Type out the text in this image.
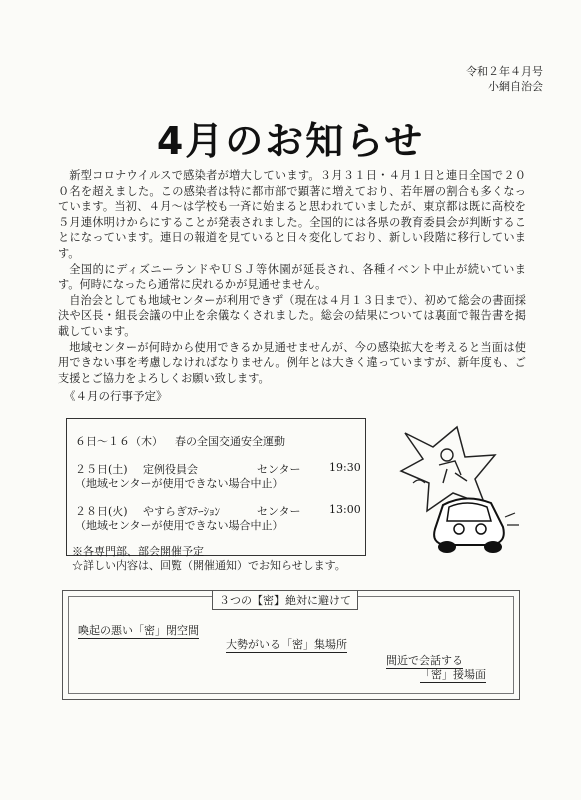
令和２年４月号
小網自治会
4月のお知らせ

新型コロナウイルスで感染者が増大しています。３月３１日・４月１日と連日全国で２００名を超えました。この感染者は特に都市部で顕著に増えており、若年層の割合も多くなっています。当初、４月～は学校も一斉に始まると思われていましたが、東京都は既に高校を５月連休明けからにすることが発表されました。全国的には各県の教育委員会が判断することになっています。連日の報道を見ていると日々変化しており、新しい段階に移行しています。

全国的にディズニーランドやＵＳＪ等休園が延長され、各種イベント中止が続いています。何時になったら通常に戻れるかが見通せません。

自治会としても地域センターが利用できず（現在は４月１３日まで）、初めて総会の書面採決や区長・組長会議の中止を余儀なくされました。総会の結果については裏面で報告書を掲載しています。

地域センターが何時から使用できるか見通せませんが、今の感染拡大を考えると当面は使用できない事を考慮しなければなりません。例年とは大きく違っていますが、新年度も、ご支援とご協力をよろしくお願い致します。

《４月の行事予定》
６日～１６（木） 春の全国交通安全運動
２５日(土) 定例役員会	センター	19:30
（地域センターが使用できない場合中止）
２８日(火) やすらぎｽﾃｰｼｮﾝ	センター	13:00
（地域センターが使用できない場合中止）
※各専門部、部会開催予定
☆詳しい内容は、回覧（開催通知）でお知らせします。
３つの【密】絶対に避けて
喚起の悪い「密」閉空間
大勢がいる「密」集場所
間近で会話する
「密」接場面
